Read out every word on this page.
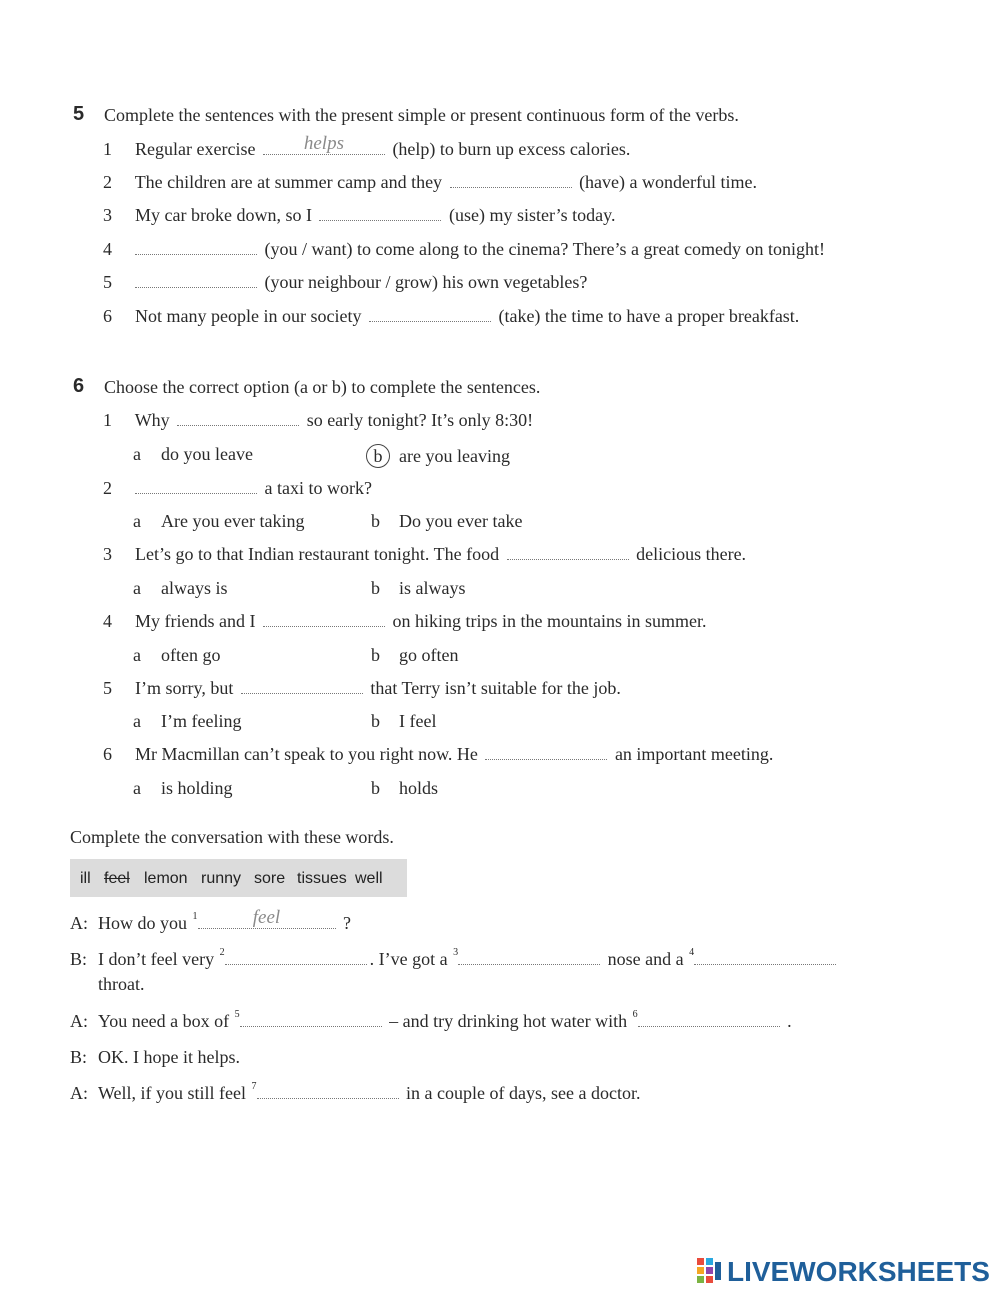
5 Complete the sentences with the present simple or present continuous form of the verbs.
1 Regular exercise	helps	(help) to burn up excess calories.
2 The children are at summer camp and they	(have) a wonderful time.
3 My car broke down, so I	(use) my sister’s today.
4	(you / want) to come along to the cinema? There’s a great comedy on tonight!
5	(your neighbour / grow) his own vegetables?
6 Not many people in our society	(take) the time to have a proper breakfast.
6 Choose the correct option (a or b) to complete the sentences.
1 Why	so early tonight? It’s only 8:30!
a do you leave	b are you leaving
2	a taxi to work?
a Are you ever taking	b Do you ever take
3 Let’s go to that Indian restaurant tonight. The food	delicious there.
a always is	b is always
4 My friends and I	on hiking trips in the mountains in summer.
a often go	b go often
5 I’m sorry, but	that Terry isn’t suitable for the job.
a I’m feeling	b I feel
6 Mr Macmillan can’t speak to you right now. He	an important meeting.
a is holding	b holds
Complete the conversation with these words.
ill feel lemon runny sore tissues well
A: How do you $^1$	feel	?
B: I don’t feel very $^2$	. I’ve got a $^3$	nose and a $^4$
throat.
A: You need a box of $^5$	– and try drinking hot water with $^6$	.
B: OK. I hope it helps.
A: Well, if you still feel $^7$	in a couple of days, see a doctor.
LIVEWORKSHEETS
